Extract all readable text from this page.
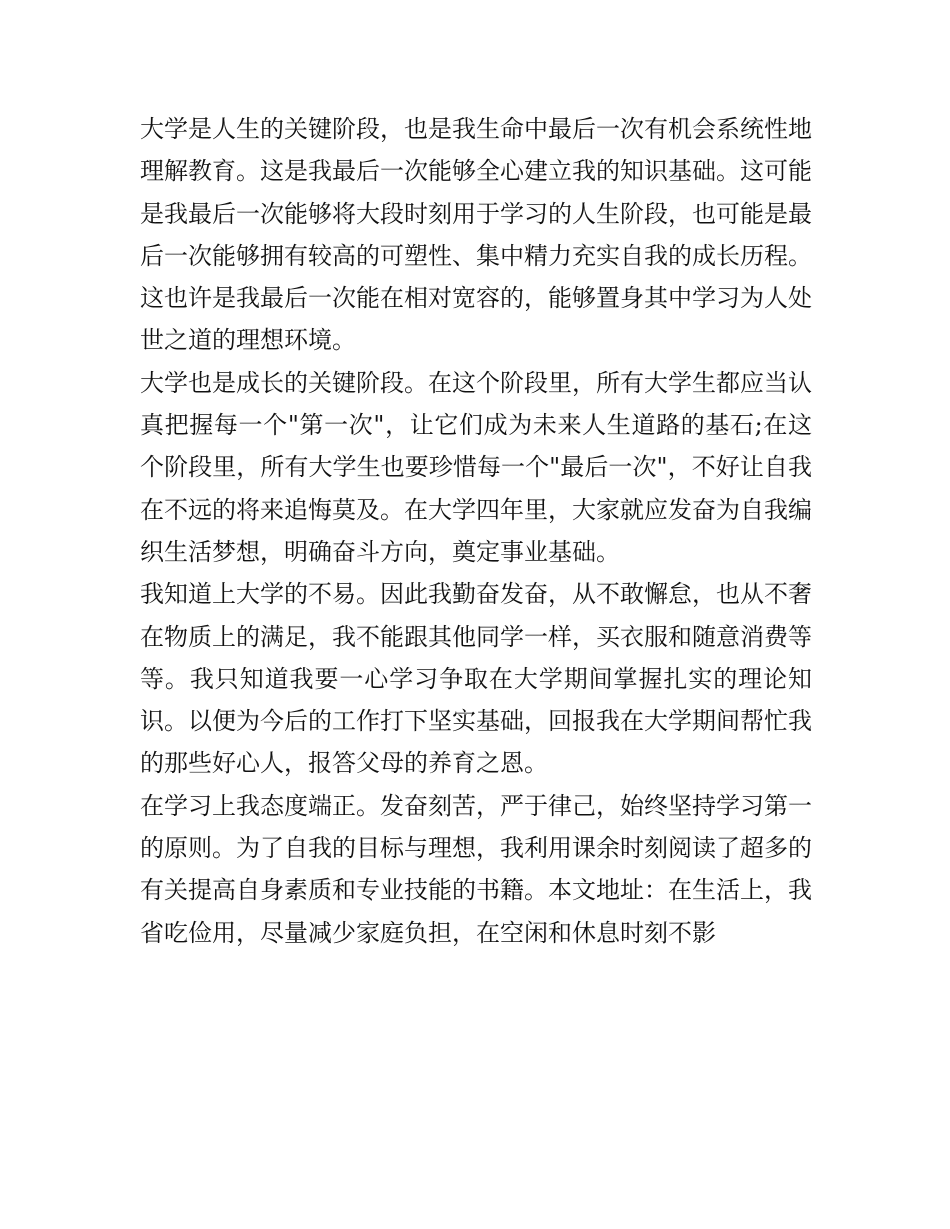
大学是人生的关键阶段，也是我生命中最后一次有机会系统性地理解教育。这是我最后一次能够全心建立我的知识基础。这可能是我最后一次能够将大段时刻用于学习的人生阶段，也可能是最后一次能够拥有较高的可塑性、集中精力充实自我的成长历程。这也许是我最后一次能在相对宽容的，能够置身其中学习为人处世之道的理想环境。

大学也是成长的关键阶段。在这个阶段里，所有大学生都应当认真把握每一个"第一次"，让它们成为未来人生道路的基石;在这个阶段里，所有大学生也要珍惜每一个"最后一次"，不好让自我在不远的将来追悔莫及。在大学四年里，大家就应发奋为自我编织生活梦想，明确奋斗方向，奠定事业基础。

我知道上大学的不易。因此我勤奋发奋，从不敢懈怠，也从不奢在物质上的满足，我不能跟其他同学一样，买衣服和随意消费等等。我只知道我要一心学习争取在大学期间掌握扎实的理论知识。以便为今后的工作打下坚实基础，回报我在大学期间帮忙我的那些好心人，报答父母的养育之恩。

在学习上我态度端正。发奋刻苦，严于律己，始终坚持学习第一的原则。为了自我的目标与理想，我利用课余时刻阅读了超多的有关提高自身素质和专业技能的书籍。本文地址：在生活上，我省吃俭用，尽量减少家庭负担，在空闲和休息时刻不影
